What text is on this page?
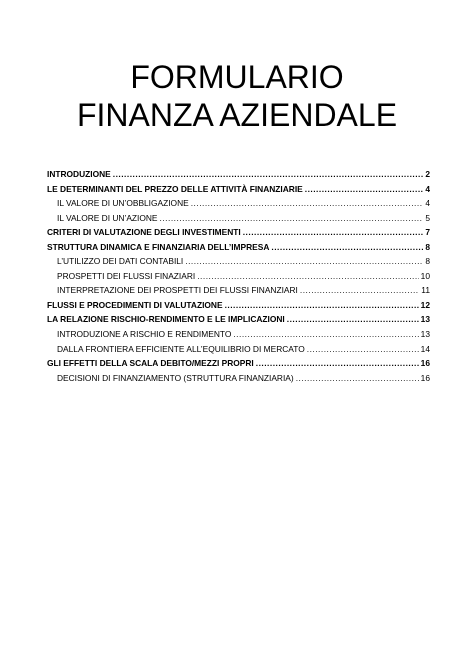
FORMULARIO
FINANZA AZIENDALE
INTRODUZIONE .....	2
LE DETERMINANTI DEL PREZZO DELLE ATTIVITÀ FINANZIARIE .....	4
IL VALORE DI UN’OBBLIGAZIONE .....	4
IL VALORE DI UN’AZIONE .....	5
CRITERI DI VALUTAZIONE DEGLI INVESTIMENTI .....	7
STRUTTURA DINAMICA E FINANZIARIA DELL’IMPRESA .....	8
L’UTILIZZO DEI DATI CONTABILI .....	8
PROSPETTI DEI FLUSSI FINAZIARI .....	10
INTERPRETAZIONE DEI PROSPETTI DEI FLUSSI FINANZIARI .....	11
FLUSSI E PROCEDIMENTI DI VALUTAZIONE .....	12
LA RELAZIONE RISCHIO-RENDIMENTO E LE IMPLICAZIONI .....	13
INTRODUZIONE A RISCHIO E RENDIMENTO .....	13
DALLA FRONTIERA EFFICIENTE ALL’EQUILIBRIO DI MERCATO .....	14
GLI EFFETTI DELLA SCALA DEBITO/MEZZI PROPRI .....	16
DECISIONI DI FINANZIAMENTO (STRUTTURA FINANZIARIA) .....	16
